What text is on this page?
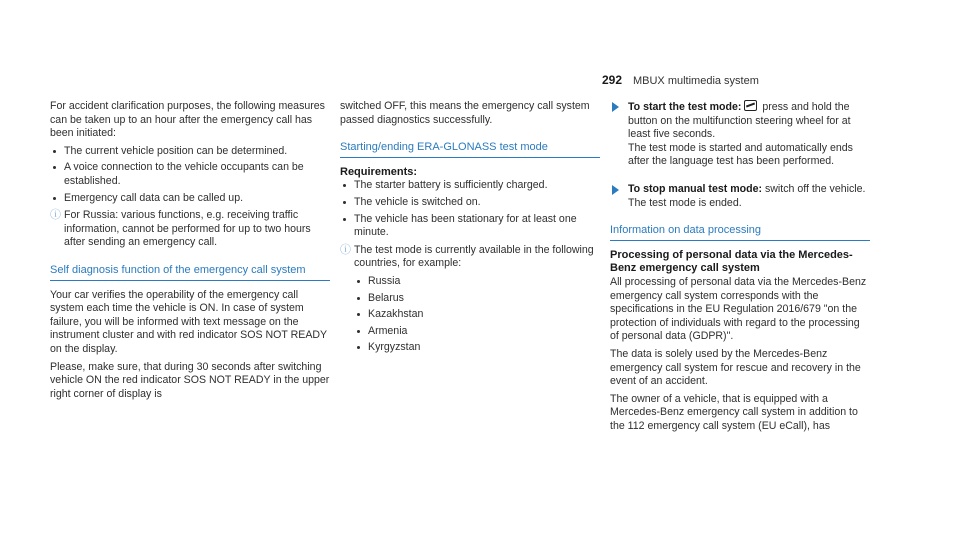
292 MBUX multimedia system

For accident clarification purposes, the following measures can be taken up to an hour after the emergency call has been initiated:

The current vehicle position can be determined.
A voice connection to the vehicle occupants can be established.
Emergency call data can be called up.
ⓘ For Russia: various functions, e.g. receiving traffic information, cannot be performed for up to two hours after sending an emergency call.
Self diagnosis function of the emergency call system

Your car verifies the operability of the emergency call system each time the vehicle is ON. In case of system failure, you will be informed with text message on the instrument cluster and with red indicator SOS NOT READY on the display.

Please, make sure, that during 30 seconds after switching vehicle ON the red indicator SOS NOT READY in the upper right corner of display is

switched OFF, this means the emergency call system passed diagnostics successfully.

Starting/ending ERA-GLONASS test mode
Requirements:
The starter battery is sufficiently charged.
The vehicle is switched on.
The vehicle has been stationary for at least one minute.
ⓘ The test mode is currently available in the following countries, for example:
Russia
Belarus
Kazakhstan
Armenia
Kyrgyzstan
To start the test mode: press and hold the button on the multifunction steering wheel for at least five seconds.
The test mode is started and automatically ends after the language test has been performed.
To stop manual test mode: switch off the vehicle.
The test mode is ended.
Information on data processing
Processing of personal data via the Mercedes-Benz emergency call system

All processing of personal data via the Mercedes-Benz emergency call system corresponds with the specifications in the EU Regulation 2016/679 "on the protection of individuals with regard to the processing of personal data (GDPR)".

The data is solely used by the Mercedes-Benz emergency call system for rescue and recovery in the event of an accident.

The owner of a vehicle, that is equipped with a Mercedes-Benz emergency call system in addition to the 112 emergency call system (EU eCall), has
